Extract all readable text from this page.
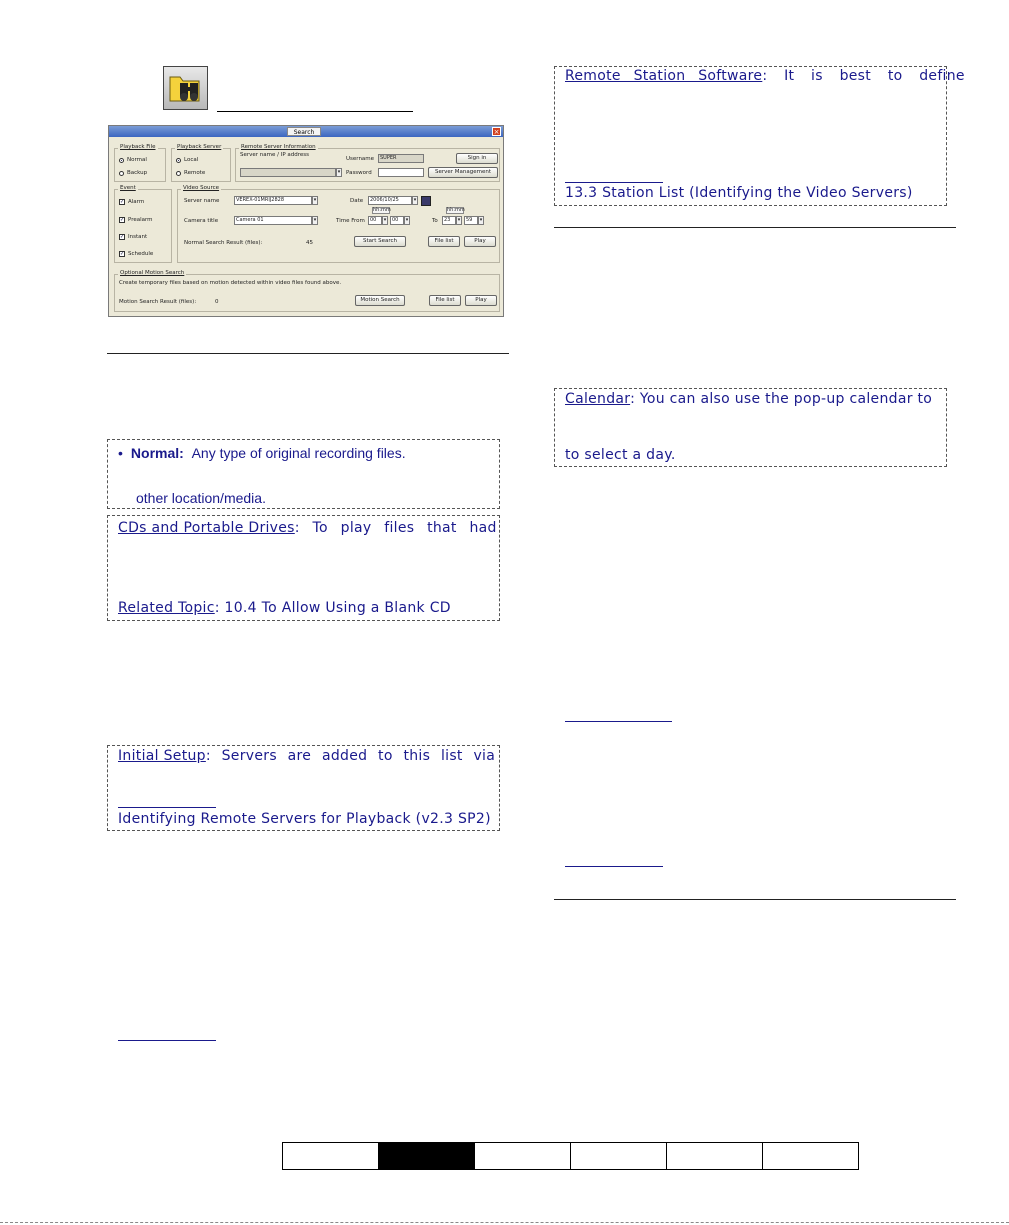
Search	×
Playback File
Normal
Backup
Playback Server
Local
Remote
Remote Server Information
Server name / IP address
▾
Username	SUPER
Password
Sign in
Server Management
Event
✓ Alarm
✓ Prealarm
✓ Instant
✓ Schedule
Video Source
Server name	VEREX-01MRIJ2828	▾
Camera title	Camera 01	▾
Date	2006/10/25	▾
hh:mm	hh:mm
Time From	00	▾	00	▾	To	23	▾	59	▾
Normal Search Result (files):	45	Start Search	File list	Play
Optional Motion Search
Create temporary files based on motion detected within video files found above.
Motion Search Result (files):	0	Motion Search	File list	Play
• Normal: Any type of original recording files.
other location/media.
CDs and Portable Drives: To play files that had
Related Topic: 10.4 To Allow Using a Blank CD
Initial Setup: Servers are added to this list via
Identifying Remote Servers for Playback (v2.3 SP2)
Remote Station Software: It is best to define
13.3 Station List (Identifying the Video Servers)
Calendar: You can also use the pop-up calendar to
to select a day.
